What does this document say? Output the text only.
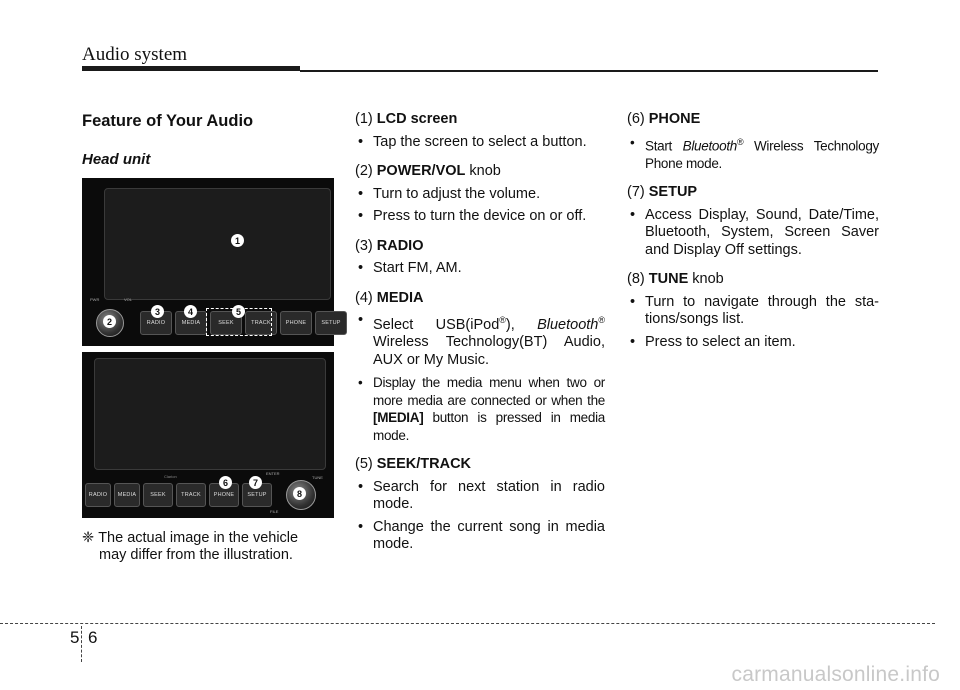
Audio system
Feature of Your Audio
Head unit
PWR	VOL
RADIO	MEDIA	SEEK	TRACK	PHONE	SETUP
1
2
3	4	5
Clarion
ENTER
TUNE
FILE
RADIO	MEDIA	SEEK	TRACK	PHONE	SETUP
6	7
8
❈ The actual image in the vehicle
may differ from the illustration.

(1) LCD screen

• Tap the screen to select a button.

(2) POWER/VOL knob

• Turn to adjust the volume.

• Press to turn the device on or off.

(3) RADIO

• Start FM, AM.

(4) MEDIA

• Select USB(iPod®), Bluetooth® Wireless Technology(BT) Audio, AUX or My Music.

• Display the media menu when two or more media are connected or when the [MEDIA] button is pressed in media mode.

(5) SEEK/TRACK

• Search for next station in radio mode.

• Change the current song in media mode.

(6) PHONE

• Start Bluetooth® Wireless Technology Phone mode.

(7) SETUP

• Access Display, Sound, Date/Time, Bluetooth, System, Screen Saver and Display Off settings.

(8) TUNE knob

• Turn to navigate through the sta- tions/songs list.

• Press to select an item.

5 6
carmanualsonline.info
